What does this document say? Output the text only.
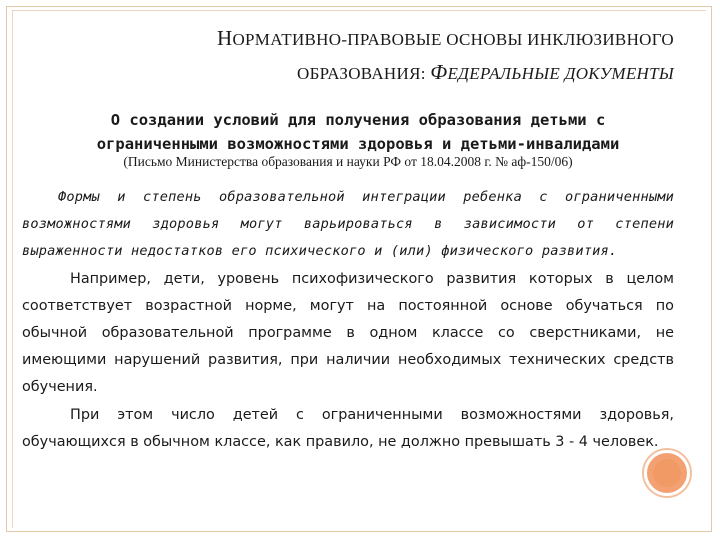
НОРМАТИВНО-ПРАВОВЫЕ ОСНОВЫ ИНКЛЮЗИВНОГО
ОБРАЗОВАНИЯ: ФЕДЕРАЛЬНЫЕ ДОКУМЕНТЫ
О создании условий для получения образования детьми с
ограниченными возможностями здоровья и детьми-инвалидами
(Письмо Министерства образования и науки РФ от 18.04.2008 г. № аф-150/06)

Формы и степень образовательной интеграции ребенка с ограниченными возможностями здоровья могут варьироваться в зависимости от степени выраженности недостатков его психического и (или) физического развития.

Например, дети, уровень психофизического развития которых в целом соответствует возрастной норме, могут на постоянной основе обучаться по обычной образовательной программе в одном классе со сверстниками, не имеющими нарушений развития, при наличии необходимых технических средств обучения.

При этом число детей с ограниченными возможностями здоровья, обучающихся в обычном классе, как правило, не должно превышать 3 - 4 человек.
